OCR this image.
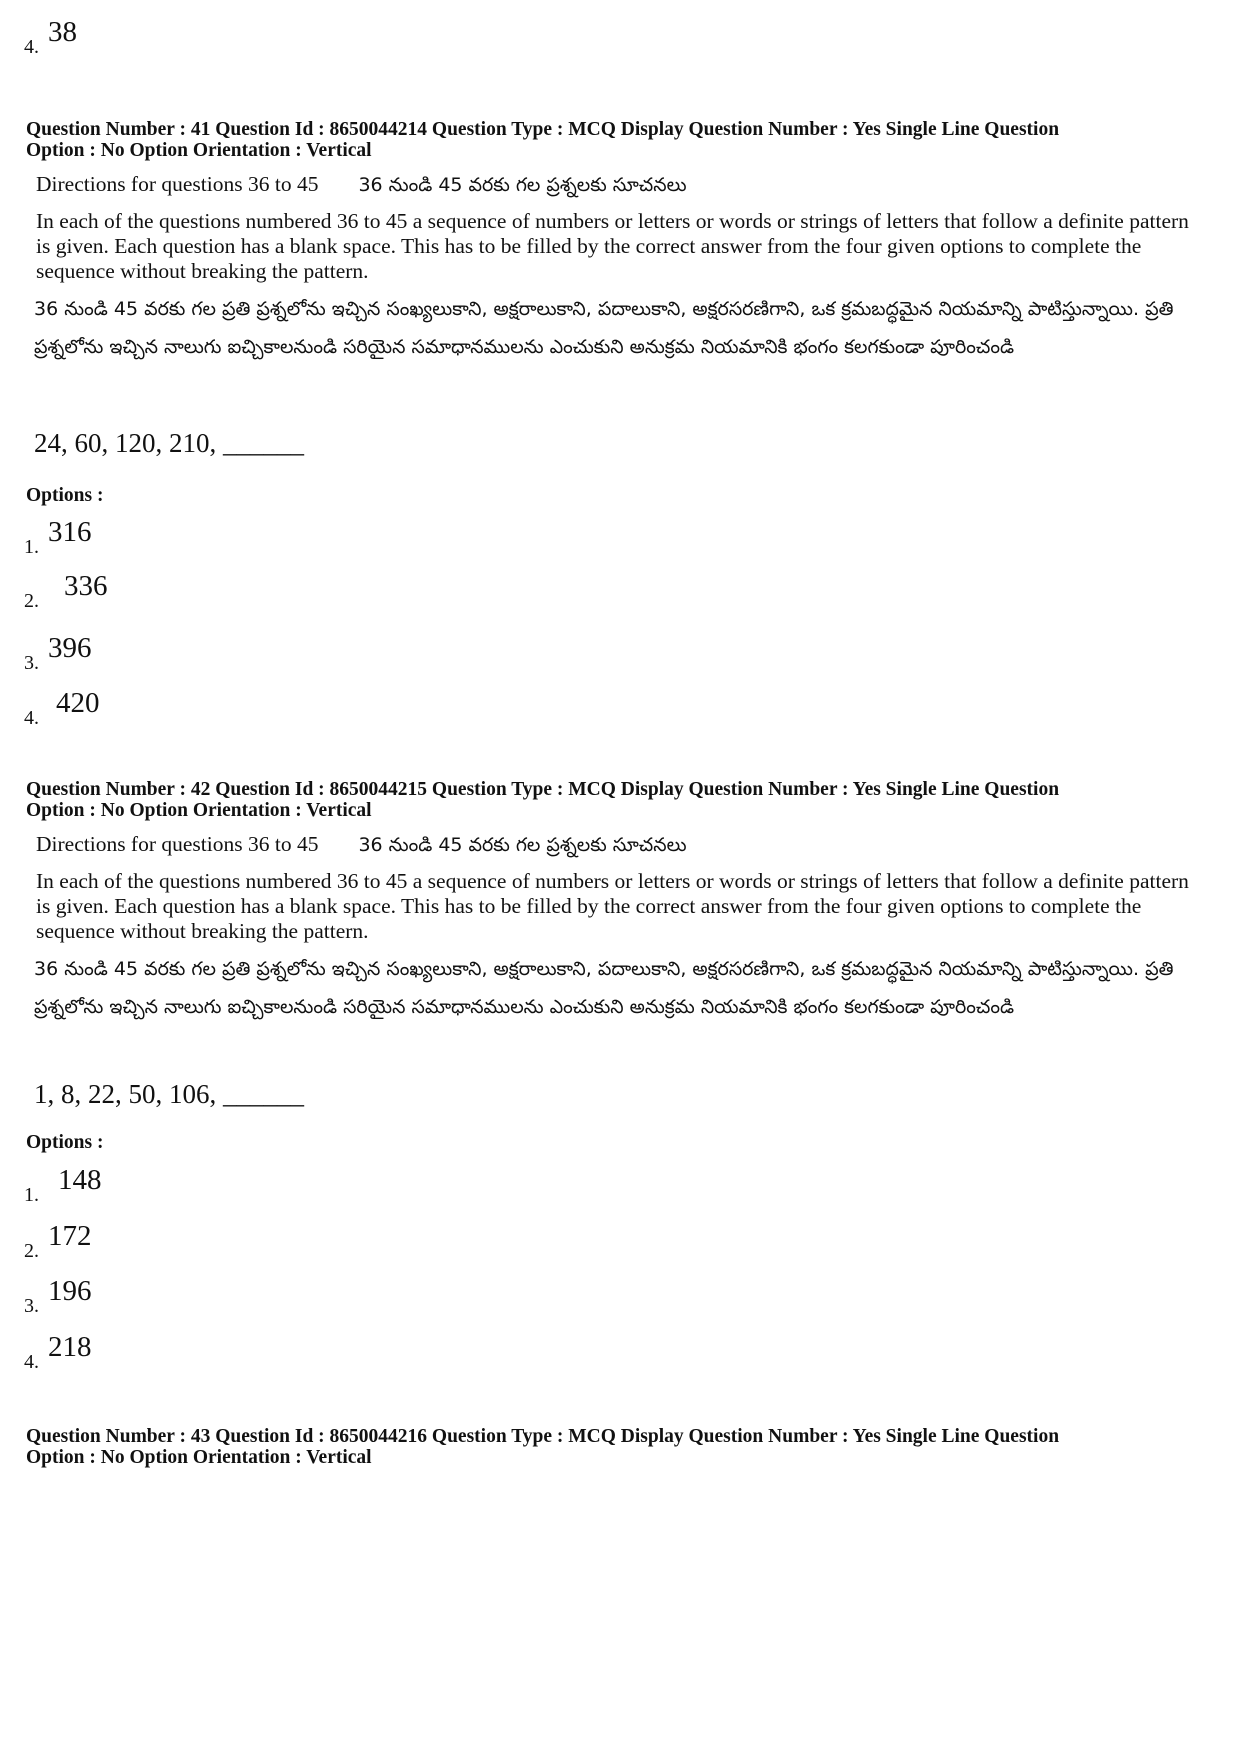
4. 38
Question Number : 41 Question Id : 8650044214 Question Type : MCQ Display Question Number : Yes Single Line Question
Option : No Option Orientation : Vertical
Directions for questions 36 to 45 36 నుండి 45 వరకు గల ప్రశ్నలకు సూచనలు
In each of the questions numbered 36 to 45 a sequence of numbers or letters or words or strings of letters that follow a definite pattern is given. Each question has a blank space. This has to be filled by the correct answer from the four given options to complete the sequence without breaking the pattern.
36 నుండి 45 వరకు గల ప్రతి ప్రశ్నలోను ఇచ్చిన సంఖ్యలుకాని, అక్షరాలుకాని, పదాలుకాని, అక్షరసరణిగాని, ఒక క్రమబద్ధమైన నియమాన్ని పాటిస్తున్నాయి. ప్రతి ప్రశ్నలోను ఇచ్చిన నాలుగు ఐచ్చికాలనుండి సరియైన సమాధానములను ఎంచుకుని అనుక్రమ నియమానికి భంగం కలగకుండా పూరించండి
24, 60, 120, 210, ______
Options :
1. 316
2. 336
3. 396
4. 420
Question Number : 42 Question Id : 8650044215 Question Type : MCQ Display Question Number : Yes Single Line Question
Option : No Option Orientation : Vertical
Directions for questions 36 to 45 36 నుండి 45 వరకు గల ప్రశ్నలకు సూచనలు
In each of the questions numbered 36 to 45 a sequence of numbers or letters or words or strings of letters that follow a definite pattern is given. Each question has a blank space. This has to be filled by the correct answer from the four given options to complete the sequence without breaking the pattern.
36 నుండి 45 వరకు గల ప్రతి ప్రశ్నలోను ఇచ్చిన సంఖ్యలుకాని, అక్షరాలుకాని, పదాలుకాని, అక్షరసరణిగాని, ఒక క్రమబద్ధమైన నియమాన్ని పాటిస్తున్నాయి. ప్రతి ప్రశ్నలోను ఇచ్చిన నాలుగు ఐచ్చికాలనుండి సరియైన సమాధానములను ఎంచుకుని అనుక్రమ నియమానికి భంగం కలగకుండా పూరించండి
1, 8, 22, 50, 106, ______
Options :
1. 148
2. 172
3. 196
4. 218
Question Number : 43 Question Id : 8650044216 Question Type : MCQ Display Question Number : Yes Single Line Question
Option : No Option Orientation : Vertical
